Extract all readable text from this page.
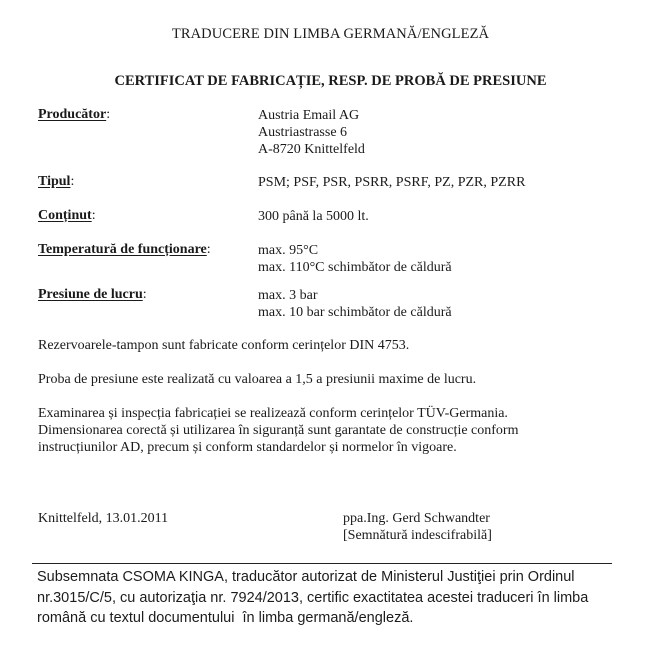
TRADUCERE DIN LIMBA GERMANĂ/ENGLEZĂ
CERTIFICAT DE FABRICAȚIE, RESP. DE PROBĂ DE PRESIUNE
Producător:	Austria Email AG
Austriastrasse 6
A-8720 Knittelfeld
Tipul:	PSM; PSF, PSR, PSRR, PSRF, PZ, PZR, PZRR
Conținut:	300 până la 5000 lt.
Temperatură de funcționare:	max. 95°C
max. 110°C schimbător de căldură
Presiune de lucru:	max. 3 bar
max. 10 bar schimbător de căldură
Rezervoarele-tampon sunt fabricate conform cerințelor DIN 4753.
Proba de presiune este realizată cu valoarea a 1,5 a presiunii maxime de lucru.
Examinarea și inspecția fabricației se realizează conform cerințelor TÜV-Germania.
Dimensionarea corectă și utilizarea în siguranță sunt garantate de construcție conform
instrucțiunilor AD, precum și conform standardelor și normelor în vigoare.
Knittelfeld, 13.01.2011	ppa.Ing. Gerd Schwandter
[Semnătură indescifrabilă]
Subsemnata CSOMA KINGA, traducător autorizat de Ministerul Justiţiei prin Ordinul
nr.3015/C/5, cu autorizaţia nr. 7924/2013, certific exactitatea acestei traduceri în limba
română cu textul documentului  în limba germană/engleză.
